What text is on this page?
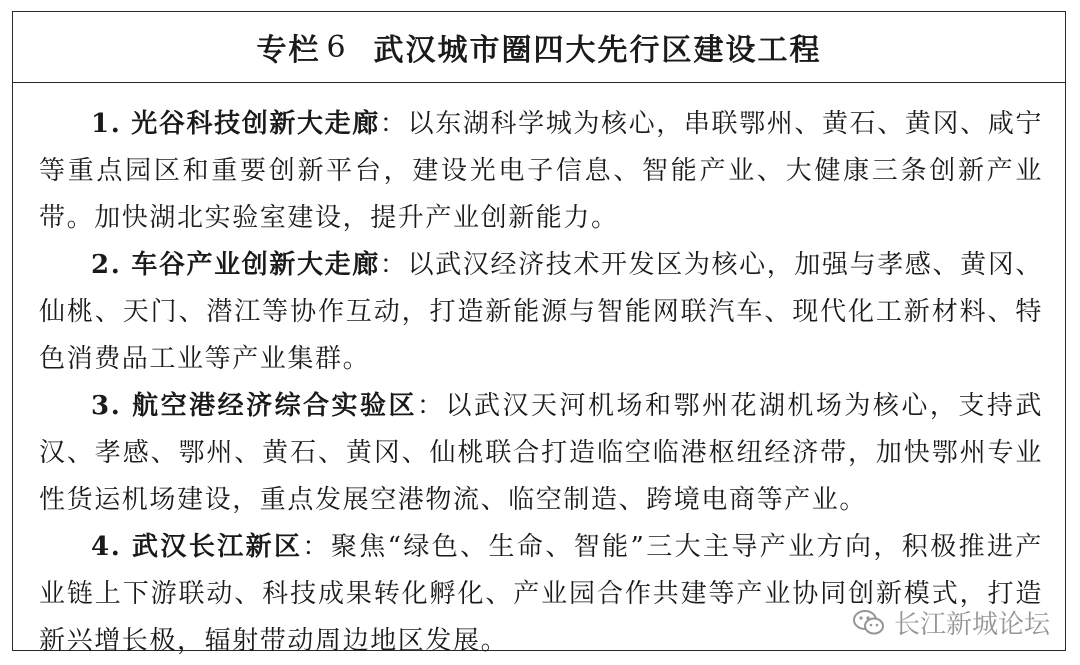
专栏 6 武汉城市圈四大先行区建设工程

1. 光谷科技创新大走廊：以东湖科学城为核心，串联鄂州、黄石、黄冈、咸宁等重点园区和重要创新平台，建设光电子信息、智能产业、大健康三条创新产业带。加快湖北实验室建设，提升产业创新能力。

2. 车谷产业创新大走廊：以武汉经济技术开发区为核心，加强与孝感、黄冈、仙桃、天门、潜江等协作互动，打造新能源与智能网联汽车、现代化工新材料、特色消费品工业等产业集群。

3. 航空港经济综合实验区：以武汉天河机场和鄂州花湖机场为核心，支持武汉、孝感、鄂州、黄石、黄冈、仙桃联合打造临空临港枢纽经济带，加快鄂州专业性货运机场建设，重点发展空港物流、临空制造、跨境电商等产业。

4. 武汉长江新区：聚焦“绿色、生命、智能”三大主导产业方向，积极推进产业链上下游联动、科技成果转化孵化、产业园合作共建等产业协同创新模式，打造新兴增长极，辐射带动周边地区发展。

长江新城论坛
